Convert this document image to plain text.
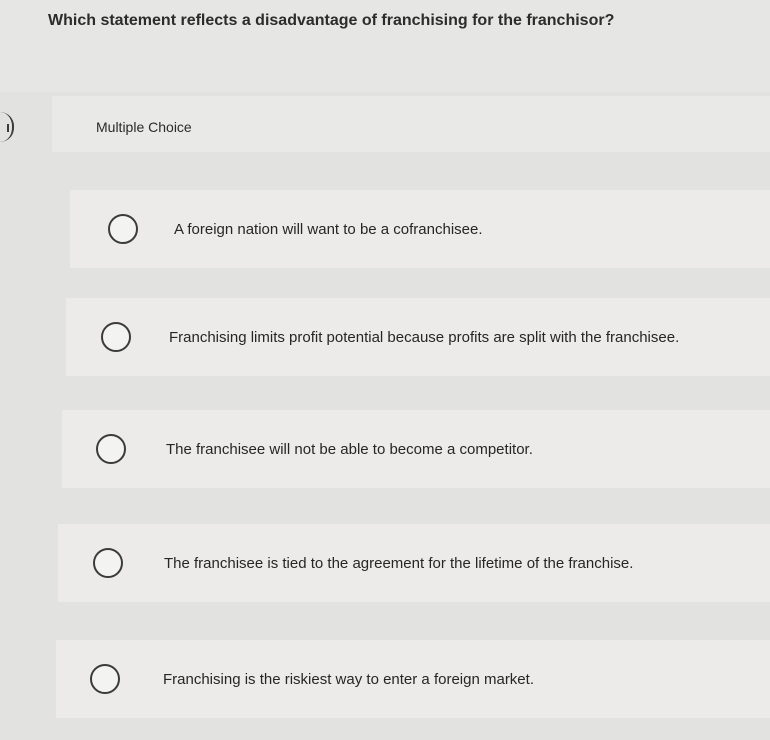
Which statement reflects a disadvantage of franchising for the franchisor?
Multiple Choice
A foreign nation will want to be a cofranchisee.
Franchising limits profit potential because profits are split with the franchisee.
The franchisee will not be able to become a competitor.
The franchisee is tied to the agreement for the lifetime of the franchise.
Franchising is the riskiest way to enter a foreign market.
